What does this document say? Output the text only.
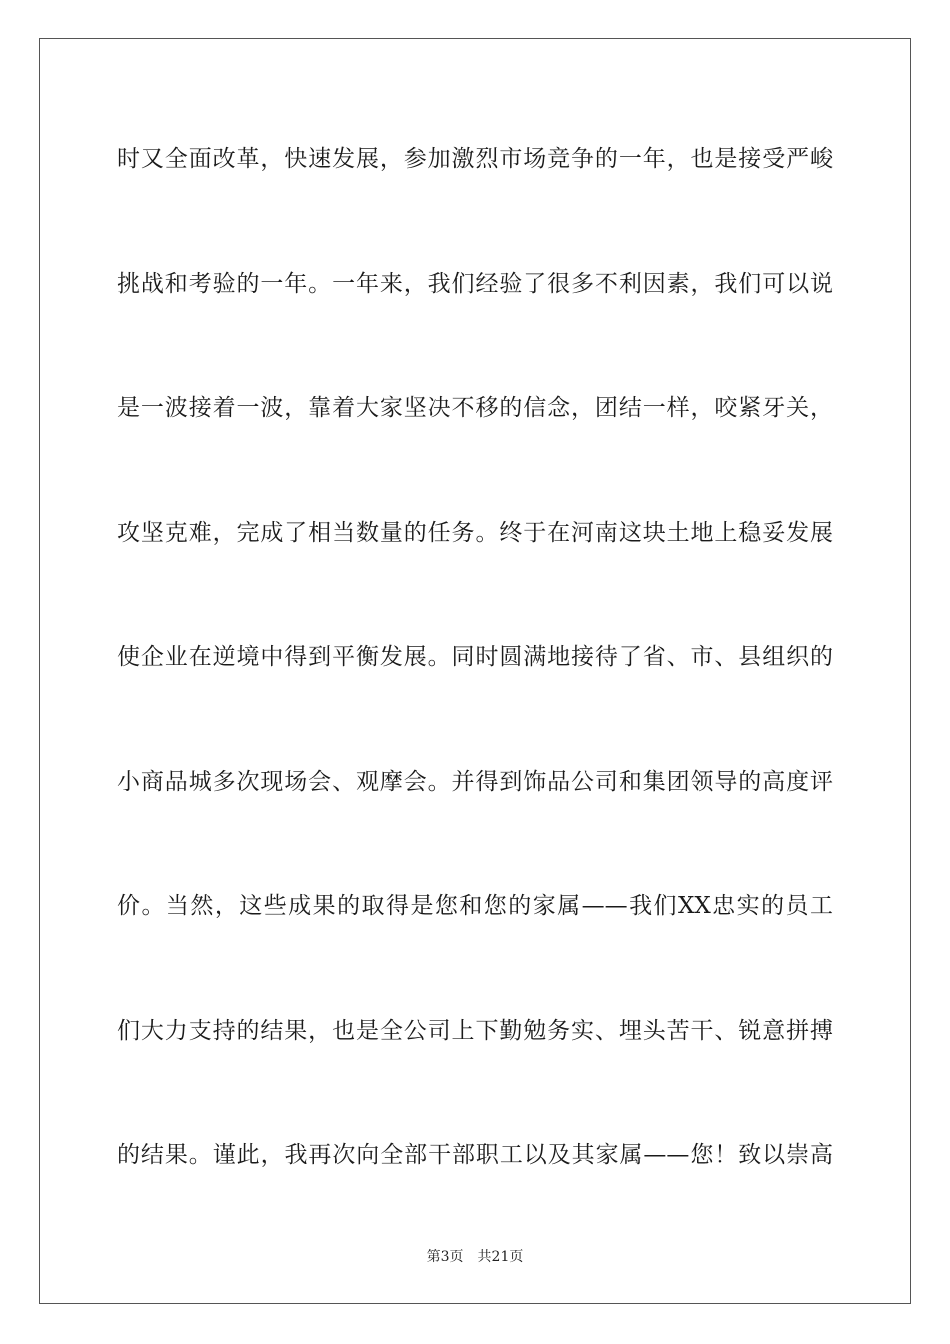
时又全面改革，快速发展，参加激烈市场竞争的一年，也是接受严峻
挑战和考验的一年。一年来，我们经验了很多不利因素，我们可以说
是一波接着一波，靠着大家坚决不移的信念，团结一样，咬紧牙关，
攻坚克难，完成了相当数量的任务。终于在河南这块土地上稳妥发展
使企业在逆境中得到平衡发展。同时圆满地接待了省、市、县组织的
小商品城多次现场会、观摩会。并得到饰品公司和集团领导的高度评
价。当然，这些成果的取得是您和您的家属——我们XX忠实的员工
们大力支持的结果，也是全公司上下勤勉务实、埋头苦干、锐意拼搏
的结果。谨此，我再次向全部干部职工以及其家属——您！致以崇高
第3页 共21页
